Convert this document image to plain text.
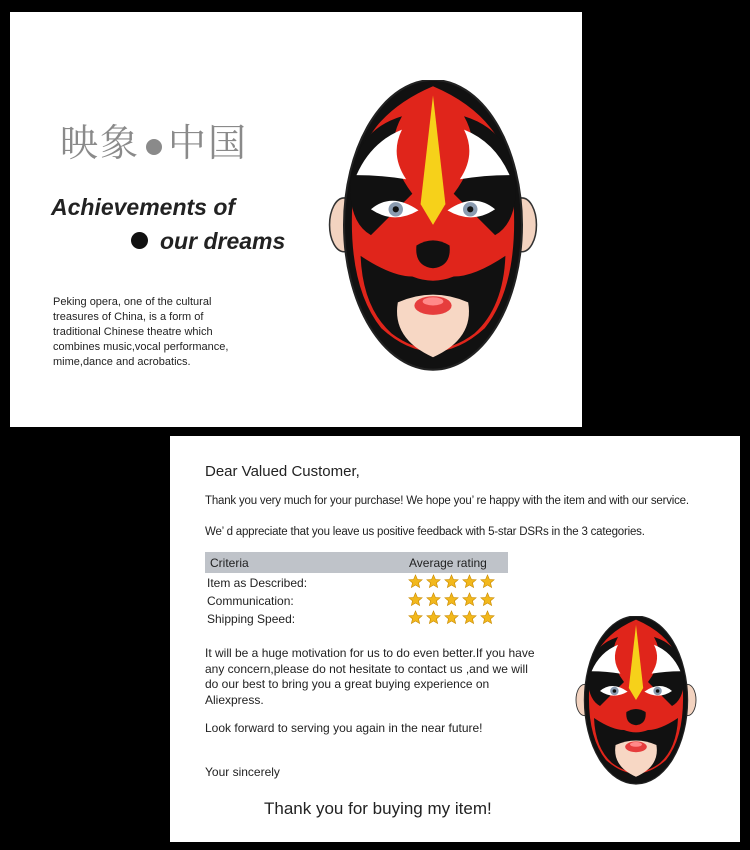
映象 中国
Achievements of
our dreams
Peking opera, one of the cultural treasures of China, is a form of traditional Chinese theatre which combines music,vocal performance, mime,dance and acrobatics.
Dear Valued Customer,
Thank you very much for your purchase! We hope you’ re happy with the item and with our service.
We’ d appreciate that you leave us positive feedback with 5-star DSRs in the 3 categories.
Criteria	Average rating
Item as Described:
Communication:
Shipping Speed:
It will be a huge motivation for us to do even better.If you have any concern,please do not hesitate to contact us ,and we will do our best to bring you a great buying experience on Aliexpress.
Look forward to serving you again in the near future!
Your sincerely
Thank you for buying my item!
